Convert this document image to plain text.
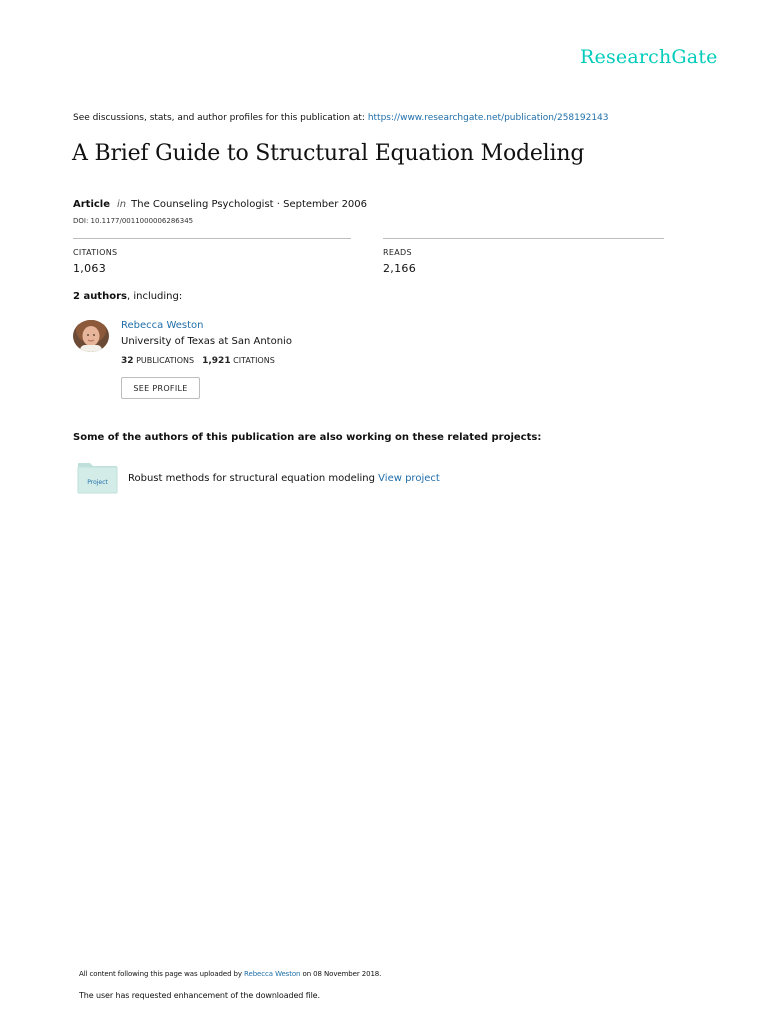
ResearchGate
See discussions, stats, and author profiles for this publication at: https://www.researchgate.net/publication/258192143
A Brief Guide to Structural Equation Modeling
Article in The Counseling Psychologist · September 2006
DOI: 10.1177/0011000006286345
CITATIONS
1,063
READS
2,166
2 authors, including:
Rebecca Weston
University of Texas at San Antonio
32 PUBLICATIONS 1,921 CITATIONS
SEE PROFILE
Some of the authors of this publication are also working on these related projects:
Project Robust methods for structural equation modeling View project
All content following this page was uploaded by Rebecca Weston on 08 November 2018.
The user has requested enhancement of the downloaded file.
